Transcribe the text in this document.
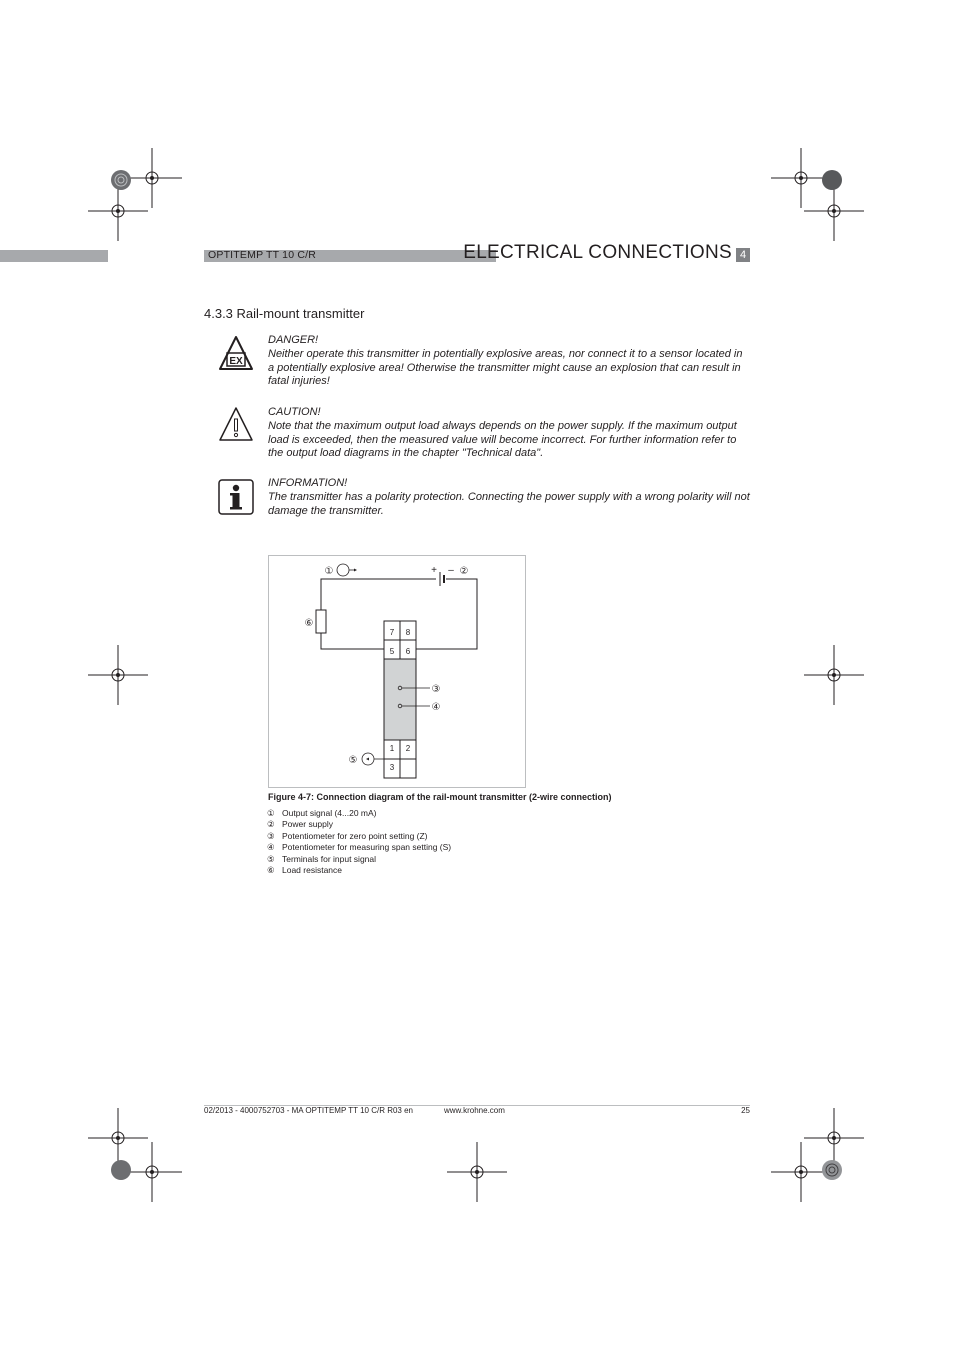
OPTITEMP TT 10 C/R	ELECTRICAL CONNECTIONS 4
4.3.3 Rail-mount transmitter
EX
DANGER!
Neither operate this transmitter in potentially explosive areas, nor connect it to a sensor located in a potentially explosive area! Otherwise the transmitter might cause an explosion that can result in fatal injuries!
CAUTION!
Note that the maximum output load always depends on the power supply. If the maximum output load is exceeded, then the measured value will become incorrect. For further information refer to the output load diagrams in the chapter "Technical data".
INFORMATION!
The transmitter has a polarity protection. Connecting the power supply with a wrong polarity will not damage the transmitter.
+ –
7 8
5 6
1 2
3
①	②
③
④
⑤
⑥
Figure 4-7: Connection diagram of the rail-mount transmitter (2-wire connection)
① Output signal (4...20 mA)
② Power supply
③ Potentiometer for zero point setting (Z)
④ Potentiometer for measuring span setting (S)
⑤ Terminals for input signal
⑥ Load resistance
02/2013 - 4000752703 - MA OPTITEMP TT 10 C/R R03 en	www.krohne.com	25
